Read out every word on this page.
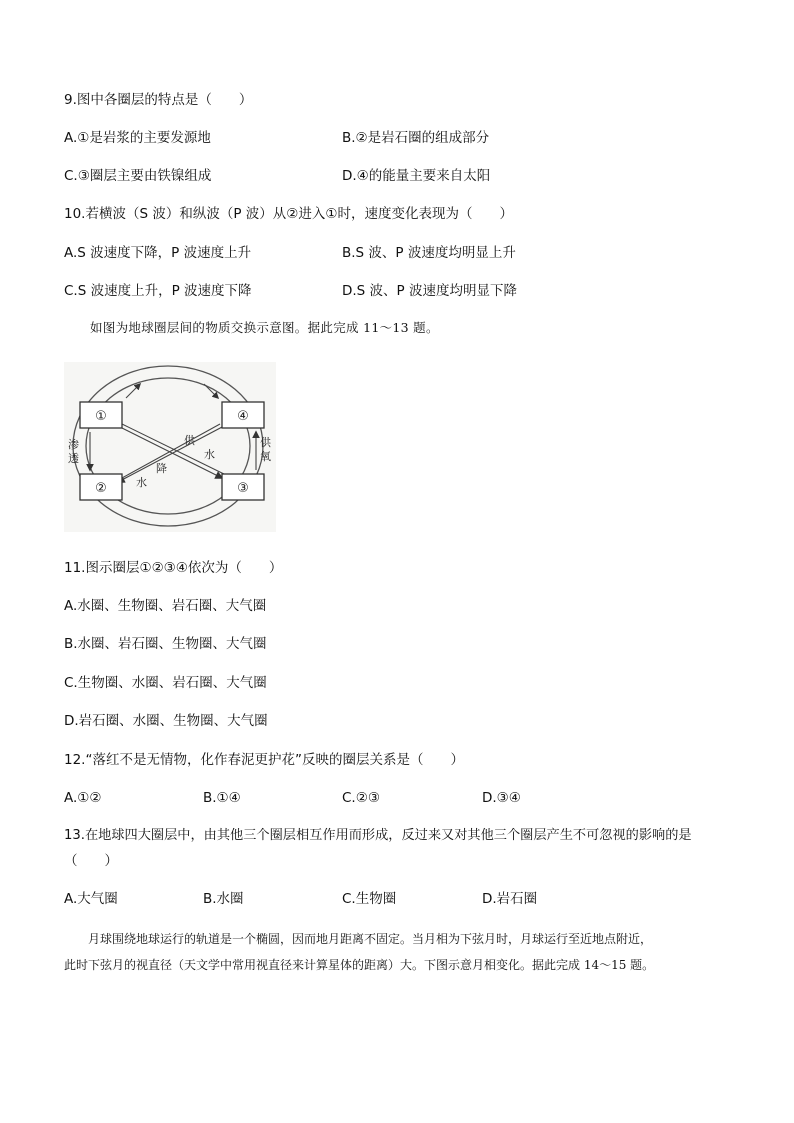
9.图中各圈层的特点是（　　）
A.①是岩浆的主要发源地	B.②是岩石圈的组成部分
C.③圈层主要由铁镍组成	D.④的能量主要来自太阳
10.若横波（S 波）和纵波（P 波）从②进入①时，速度变化表现为（　　）
A.S 波速度下降，P 波速度上升	B.S 波、P 波速度均明显上升
C.S 波速度上升，P 波速度下降	D.S 波、P 波速度均明显下降
如图为地球圈层间的物质交换示意图。据此完成 11～13 题。
①	④
②	③
渗
透
供
氧
供
水
降
水
11.图示圈层①②③④依次为（　　）
A.水圈、生物圈、岩石圈、大气圈
B.水圈、岩石圈、生物圈、大气圈
C.生物圈、水圈、岩石圈、大气圈
D.岩石圈、水圈、生物圈、大气圈
12.“落红不是无情物，化作春泥更护花”反映的圈层关系是（　　）
A.①②	B.①④	C.②③	D.③④
13.在地球四大圈层中，由其他三个圈层相互作用而形成，反过来又对其他三个圈层产生不可忽视的影响的是
（　　）
A.大气圈	B.水圈	C.生物圈	D.岩石圈
月球围绕地球运行的轨道是一个椭圆，因而地月距离不固定。当月相为下弦月时，月球运行至近地点附近，
此时下弦月的视直径（天文学中常用视直径来计算星体的距离）大。下图示意月相变化。据此完成 14～15 题。
